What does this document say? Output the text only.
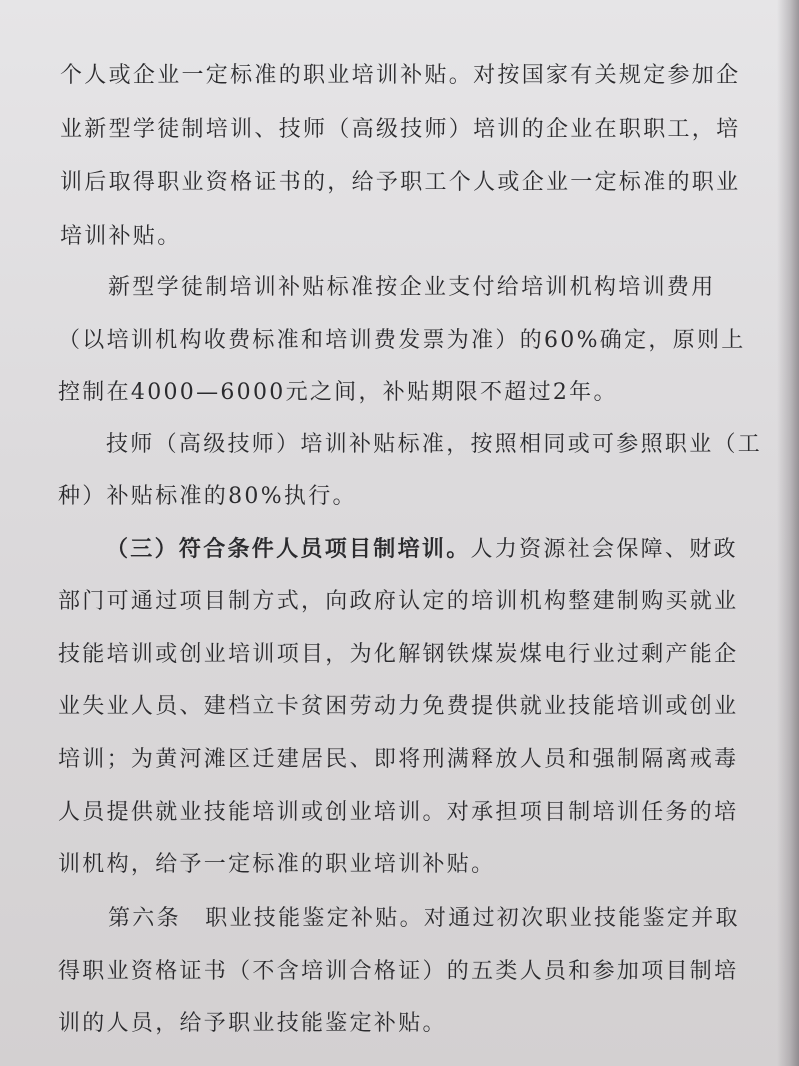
个人或企业一定标准的职业培训补贴。对按国家有关规定参加企

业新型学徒制培训、技师（高级技师）培训的企业在职职工，培

训后取得职业资格证书的，给予职工个人或企业一定标准的职业

培训补贴。

新型学徒制培训补贴标准按企业支付给培训机构培训费用

（以培训机构收费标准和培训费发票为准）的60%确定，原则上

控制在4000—6000元之间，补贴期限不超过2年。

技师（高级技师）培训补贴标准，按照相同或可参照职业（工

种）补贴标准的80%执行。

（三）符合条件人员项目制培训。人力资源社会保障、财政

部门可通过项目制方式，向政府认定的培训机构整建制购买就业

技能培训或创业培训项目，为化解钢铁煤炭煤电行业过剩产能企

业失业人员、建档立卡贫困劳动力免费提供就业技能培训或创业

培训；为黄河滩区迁建居民、即将刑满释放人员和强制隔离戒毒

人员提供就业技能培训或创业培训。对承担项目制培训任务的培

训机构，给予一定标准的职业培训补贴。

第六条　职业技能鉴定补贴。对通过初次职业技能鉴定并取

得职业资格证书（不含培训合格证）的五类人员和参加项目制培

训的人员，给予职业技能鉴定补贴。
